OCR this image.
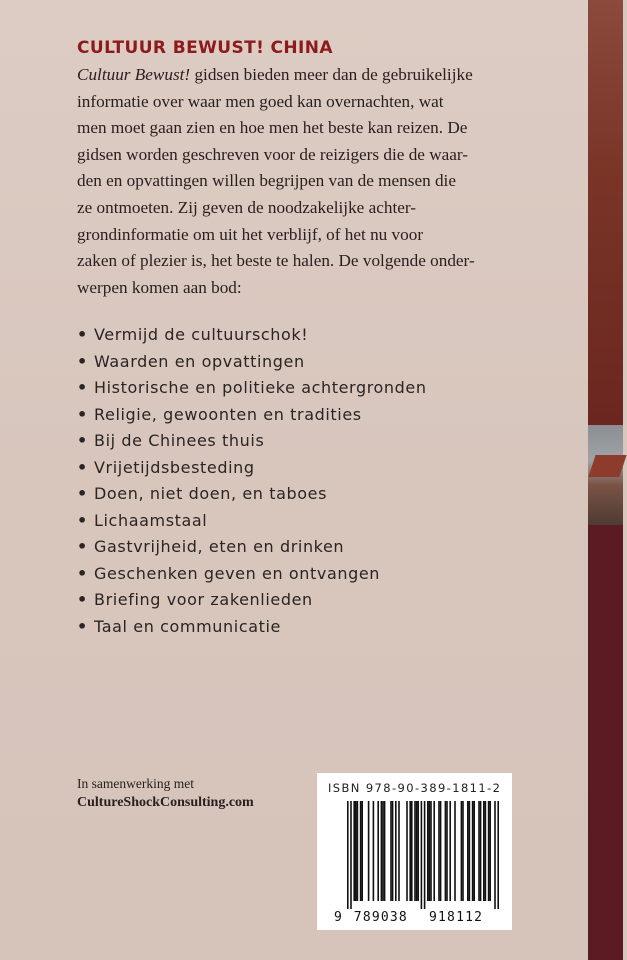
CULTUUR BEWUST! CHINA
Cultuur Bewust! gidsen bieden meer dan de gebruikelijke
informatie over waar men goed kan overnachten, wat
men moet gaan zien en hoe men het beste kan reizen. De
gidsen worden geschreven voor de reizigers die de waar-
den en opvattingen willen begrijpen van de mensen die
ze ontmoeten. Zij geven de noodzakelijke achter-
grondinformatie om uit het verblijf, of het nu voor
zaken of plezier is, het beste te halen. De volgende onder-
werpen komen aan bod:
• Vermijd de cultuurschok!
• Waarden en opvattingen
• Historische en politieke achtergronden
• Religie, gewoonten en tradities
• Bij de Chinees thuis
• Vrijetijdsbesteding
• Doen, niet doen, en taboes
• Lichaamstaal
• Gastvrijheid, eten en drinken
• Geschenken geven en ontvangen
• Briefing voor zakenlieden
• Taal en communicatie
In samenwerking met
CultureShockConsulting.com
ISBN 978-90-389-1811-2
9 789038 918112
